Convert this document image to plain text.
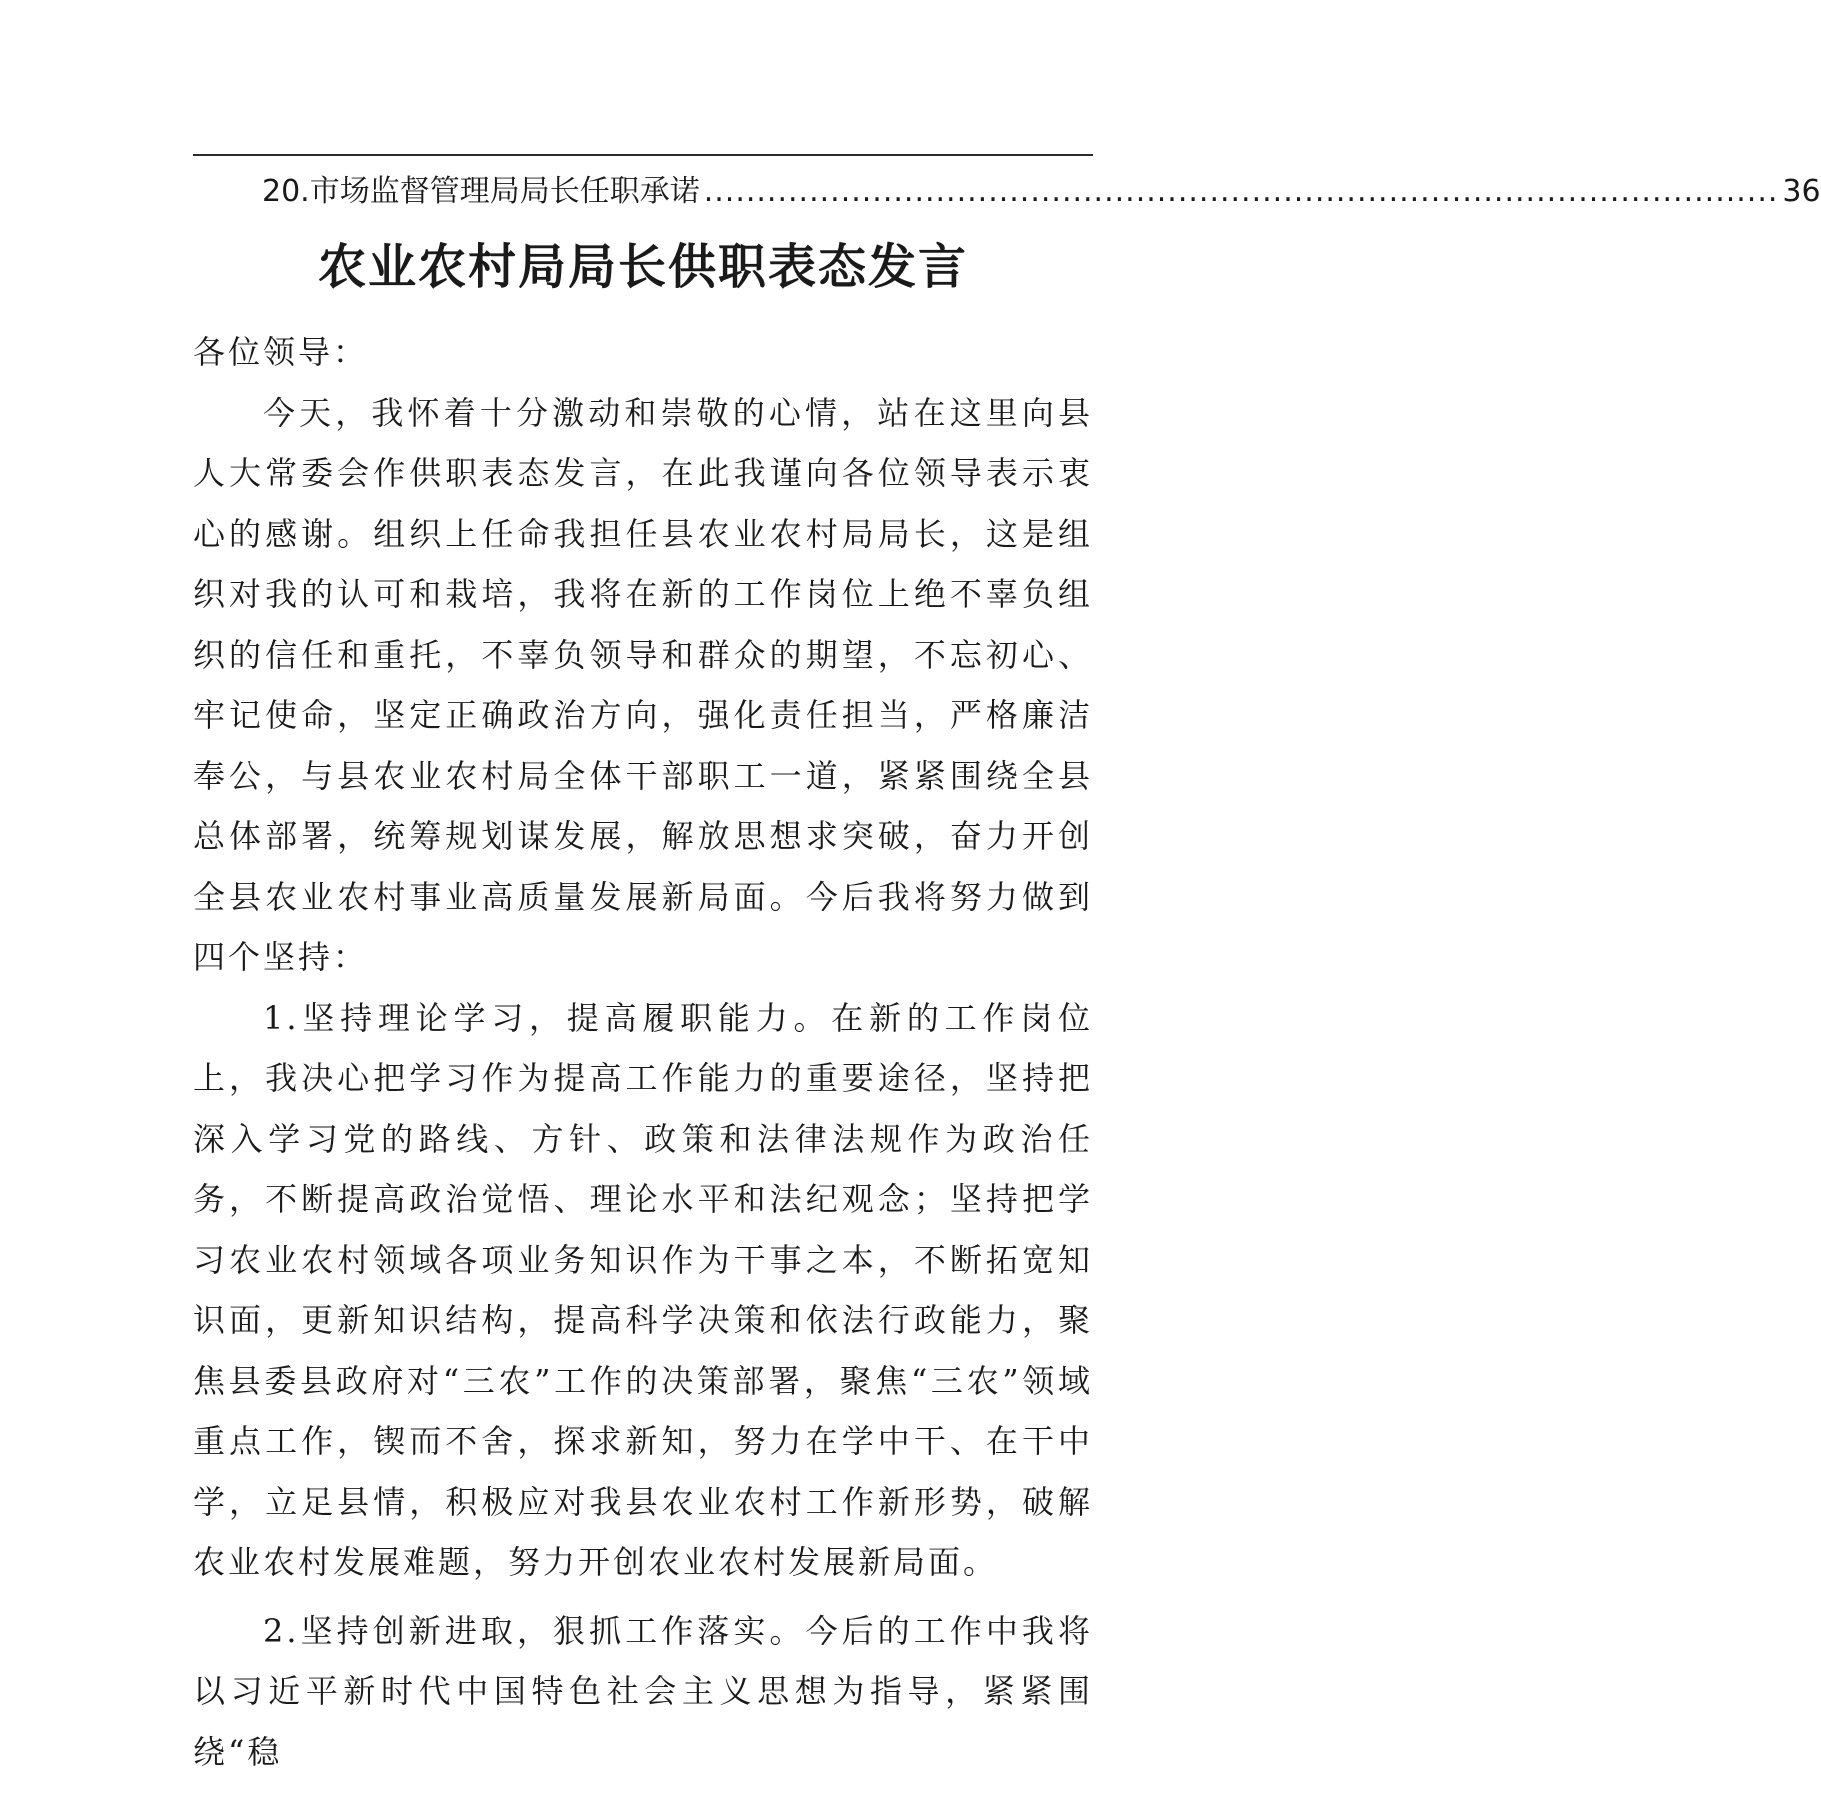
20.市场监督管理局局长任职承诺 ...................................................................................................... 36
农业农村局局长供职表态发言

各位领导：

今天，我怀着十分激动和崇敬的心情，站在这里向县人大常委会作供职表态发言，在此我谨向各位领导表示衷心的感谢。组织上任命我担任县农业农村局局长，这是组织对我的认可和栽培，我将在新的工作岗位上绝不辜负组织的信任和重托，不辜负领导和群众的期望，不忘初心、牢记使命，坚定正确政治方向，强化责任担当，严格廉洁奉公，与县农业农村局全体干部职工一道，紧紧围绕全县总体部署，统筹规划谋发展，解放思想求突破，奋力开创全县农业农村事业高质量发展新局面。今后我将努力做到四个坚持：

1.坚持理论学习，提高履职能力。在新的工作岗位上，我决心把学习作为提高工作能力的重要途径，坚持把深入学习党的路线、方针、政策和法律法规作为政治任务，不断提高政治觉悟、理论水平和法纪观念；坚持把学习农业农村领域各项业务知识作为干事之本，不断拓宽知识面，更新知识结构，提高科学决策和依法行政能力，聚焦县委县政府对“三农”工作的决策部署，聚焦“三农”领域重点工作，锲而不舍，探求新知，努力在学中干、在干中学，立足县情，积极应对我县农业农村工作新形势，破解农业农村发展难题，努力开创农业农村发展新局面。

2.坚持创新进取，狠抓工作落实。今后的工作中我将以习近平新时代中国特色社会主义思想为指导，紧紧围绕“稳
